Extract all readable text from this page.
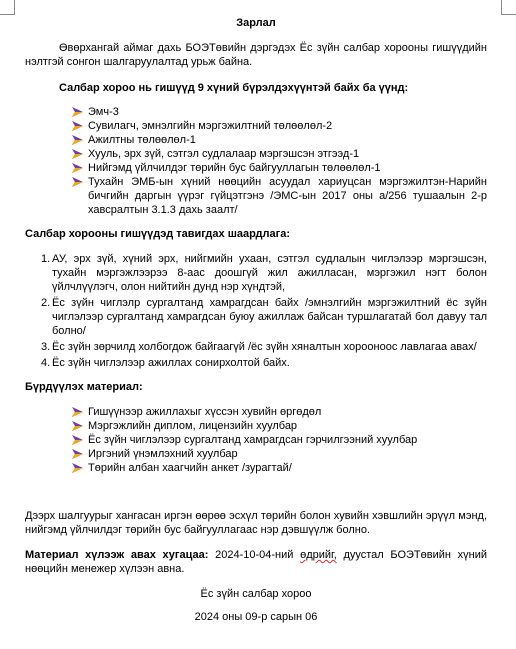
Зарлал
Өвөрхангай аймаг дахь БОЭТөвийн дэргэдэх Ёс зүйн салбар хорооны гишүүдийн нэлтгэй сонгон шалгаруулалтад урьж байна.
Салбар хороо нь гишүүд 9 хүний бүрэлдэхүүнтэй байх ба үүнд:
Эмч-3
Сувилагч, эмнэлгийн мэргэжилтний төлөөлөл-2
Ажилтны төлөөлөл-1
Хууль, эрх зүй, сэтгэл судлалаар мэргэшсэн этгээд-1
Нийгэмд үйлчилдэг төрийн бус байгууллагын төлөөлөл-1
Тухайн ЭМБ-ын хүний нөөцийн асуудал хариуцсан мэргэжилтэн-Нарийн бичгийн даргын үүрэг гүйцэтгэнэ /ЭМС-ын 2017 оны а/256 тушаалын 2-р хавсралтын 3.1.3 дахь заалт/
Салбар хорооны гишүүдэд тавигдах шаардлага:
1. АУ, эрх зүй, хүний эрх, нийгмийн ухаан, сэтгэл судлалын чиглэлээр мэргэшсэн, тухайн мэргэжлээрээ 8-аас доошгүй жил ажилласан, мэргэжил нэгт болон үйлчлүүлэгч, олон нийтийн дунд нэр хүндтэй,
2. Ёс зүйн чиглэлр сургалтанд хамрагдсан байх /эмнэлгийн мэргэжилтний ёс зүйн чиглэлээр сургалтанд хамрагдсан буюу ажиллаж байсан туршлагатай бол давуу тал болно/
3. Ёс зүйн зөрчилд холбогдож байгаагүй /ёс зүйн хяналтын хорооноос лавлагаа авах/
4. Ёс зүйн чиглэлээр ажиллах сонирхолтой байх.
Бүрдүүлэх материал:
Гишүүнээр ажиллахыг хүссэн хувийн өргөдөл
Мэргэжлийн диплом, лицензийн хуулбар
Ёс зүйн чиглэлээр сургалтанд хамрагдсан гэрчилгээний хуулбар
Иргэний үнэмлэхний хуулбар
Төрийн албан хаагчийн анкет /зурагтай/
Дээрх шалгуурыг хангасан иргэн өөрөө эсхүл төрийн болон хувийн хэвшлийн эрүүл мэнд, нийгэмд үйлчилдэг төрийн бус байгууллагаас нэр дэвшүүлж болно.
Материал хүлээж авах хугацаа: 2024-10-04-ний өдрийг, дуустал БОЭТөвийн хүний нөөцийн менежер хүлээн авна.
Ёс зүйн салбар хороо
2024 оны 09-р сарын 06
